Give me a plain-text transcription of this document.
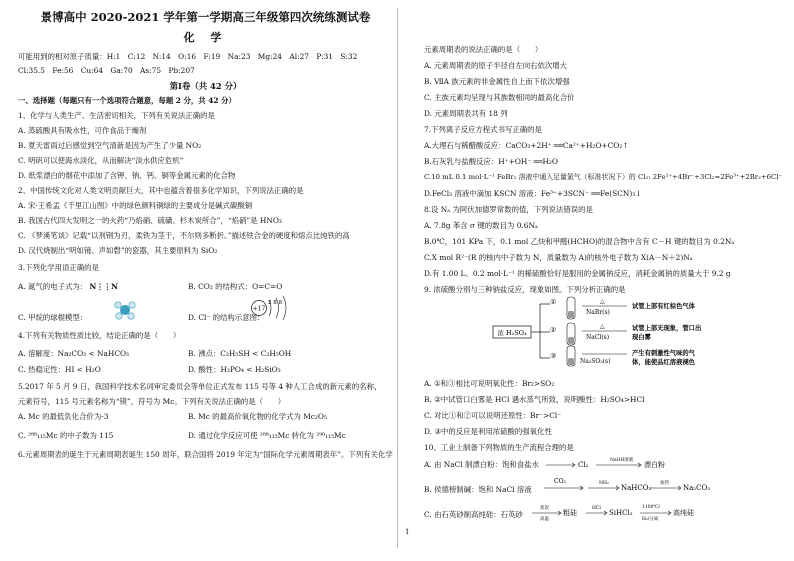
景博高中 2020-2021 学年第一学期高三年级第四次统练测试卷
化 学
可能用到的相对原子质量：H:1　C:12　N:14　O:16　F:19　Na:23　Mg:24　Al:27　P:31　S:32
Cl:35.5　Fe:56　Cu:64　Ga:70　As:75　Pb:207
第Ⅰ卷（共 42 分）
一、选择题（每题只有一个选项符合题意，每题 2 分，共 42 分）
1、化学与人类生产、生活密切相关，下列有关说法正确的是
A. 蒸硫酸具有吸水性，可作食品干燥剂
B. 夏天雷雨过后感觉到空气清新是因为产生了少量 NO₂
C. 明矾可以使海水淡化，从而解决“淡水供应危机”
D. 纸浆漂白的烟花中添加了含钾、钠、钙、铜等金属元素的化合物
2、中国传统文化对人类文明贡献巨大，其中也蕴含着很多化学知识，下列说法正确的是
A. 宋·王希孟《千里江山图》中的绿色颜料铜绿的主要成分是碱式碳酸铜
B. 我国古代四大发明之一的火药“乃焰硝、硫磺、杉木炭所合”，“焰硝”是 HNO₃
C. 《梦溪笔谈》记载“以剂钢为刃，柔铁为茎干，不尔则多断折。”描述铁合金的硬度和熔点比纯铁的高
D. 汉代烧制出“明如镜、声如磬”的瓷器，其主要原料为 SiO₂
3.下列化学用语正确的是
A. 氮气的电子式为： N⋮⋮N	B. CO₂ 的结构式：O=C=O
C. 甲烷的球棍模型：	D. Cl⁻ 的结构示意图：
+17
2 8 8
4.下列有关物质性质比较，结论正确的是（　　）
A. 溶解度：Na₂CO₃ < NaHCO₃	B. 沸点：C₂H₅SH < C₂H₅OH
C. 热稳定性：HI < H₂O	D. 酸性：H₃PO₄ < H₂SiO₃
5.2017 年 5 月 9 日，我国科学技术名词审定委员会等单位正式发布 115 号等 4 种人工合成的新元素的名称，
元素符号，115 号元素名称为“镆”，符号为 Mc。下列有关说法正确的是（　　）
A. Mc 的最低负化合价为-3	B. Mc 的最高价氧化物的化学式为 Mc₂O₅
C. ²⁸⁸₁₁₅Mc 的中子数为 115	D. 通过化学反应可使 ²⁸⁸₁₁₅Mc 转化为 ²⁹⁰₁₁₅Mc
6.元素周期表的诞生于元素周期表诞生 150 周年，联合国将 2019 年定为“国际化学元素周期表年”。下列有关化学
元素周期表的说法正确的是（　　）
A. 元素周期表的原子半径自左向右依次增大
B. ⅦA 族元素的非金属性自上而下依次增强
C. 主族元素均呈现与其族数相同的最高化合价
D. 元素周期表共有 18 列
7.下列离子反应方程式书写正确的是
A.大理石与稀醋酸反应：CaCO₃+2H⁺ ══Ca²⁺+H₂O+CO₂↑
B.石灰乳与盐酸反应：H⁺+OH⁻ ══H₂O
C.10 mL 0.1 mol·L⁻¹ FeBr₂ 溶液中通入足量氯气（标准状况下）的 Cl₂: 2Fe²⁺+4Br⁻+3Cl₂=2Fe³⁺+2Br₂+6Cl⁻
D.FeCl₃ 溶液中滴加 KSCN 溶液：Fe³⁺+3SCN⁻ ══Fe(SCN)₃↓
8.设 Nₐ 为阿伏加德罗常数的值，下列说法错误的是
A. 7.8g 苯含 σ 键的数目为 0.6Nₐ
B.0℃，101 KPa 下，0.1 mol 乙炔和甲醛(HCHO)的混合物中含有 C－H 键的数目为 0.2Nₐ
C.X mol R²⁻(R 的核内中子数为 N，质量数为 A)的核外电子数为 X(A－N＋2)Nₐ
D.有 1.00 L、0.2 mol·L⁻¹ 的稀硫酸恰好是服用的金属钠反应，消耗金属钠的质量大于 9.2 g
9. 浓硫酸分别与三种钠盐反应，现象如图。下列分析正确的是
浓 H₂SO₄
①
②
③
△
NaBr(s)
△
NaCl(s)
Na₂SO₃(s)
试管上部有红棕色气体
试管上部无现象，管口出
现白雾
产生有刺激性气味的气
体，能使品红溶液褪色
A. ①和③相比可说明氧化性：Br₂>SO₂
B. ②中试管口白雾是 HCl 遇水蒸气所致，说明酸性：H₂SO₄>HCl
C. 对比①和②可以说明还原性：Br⁻>Cl⁻
D. ③中的反应是利用浓硫酸的强氧化性
10、工业上制备下列物质的生产流程合理的是
A. 由 NaCl 制漂白粉：饱和食盐水	Cl₂
NaOH溶液
漂白粉
B. 侯德榜制碱：饱和 NaCl 溶液
CO₂	NH₃
NaHCO₃
加热
Na₂CO₃
C. 由石英砂制高纯硅：石英砂
焦炭
高温
粗硅
HCl
SiHCl₃
1100℃/
H₂/分离
高纯硅
1
